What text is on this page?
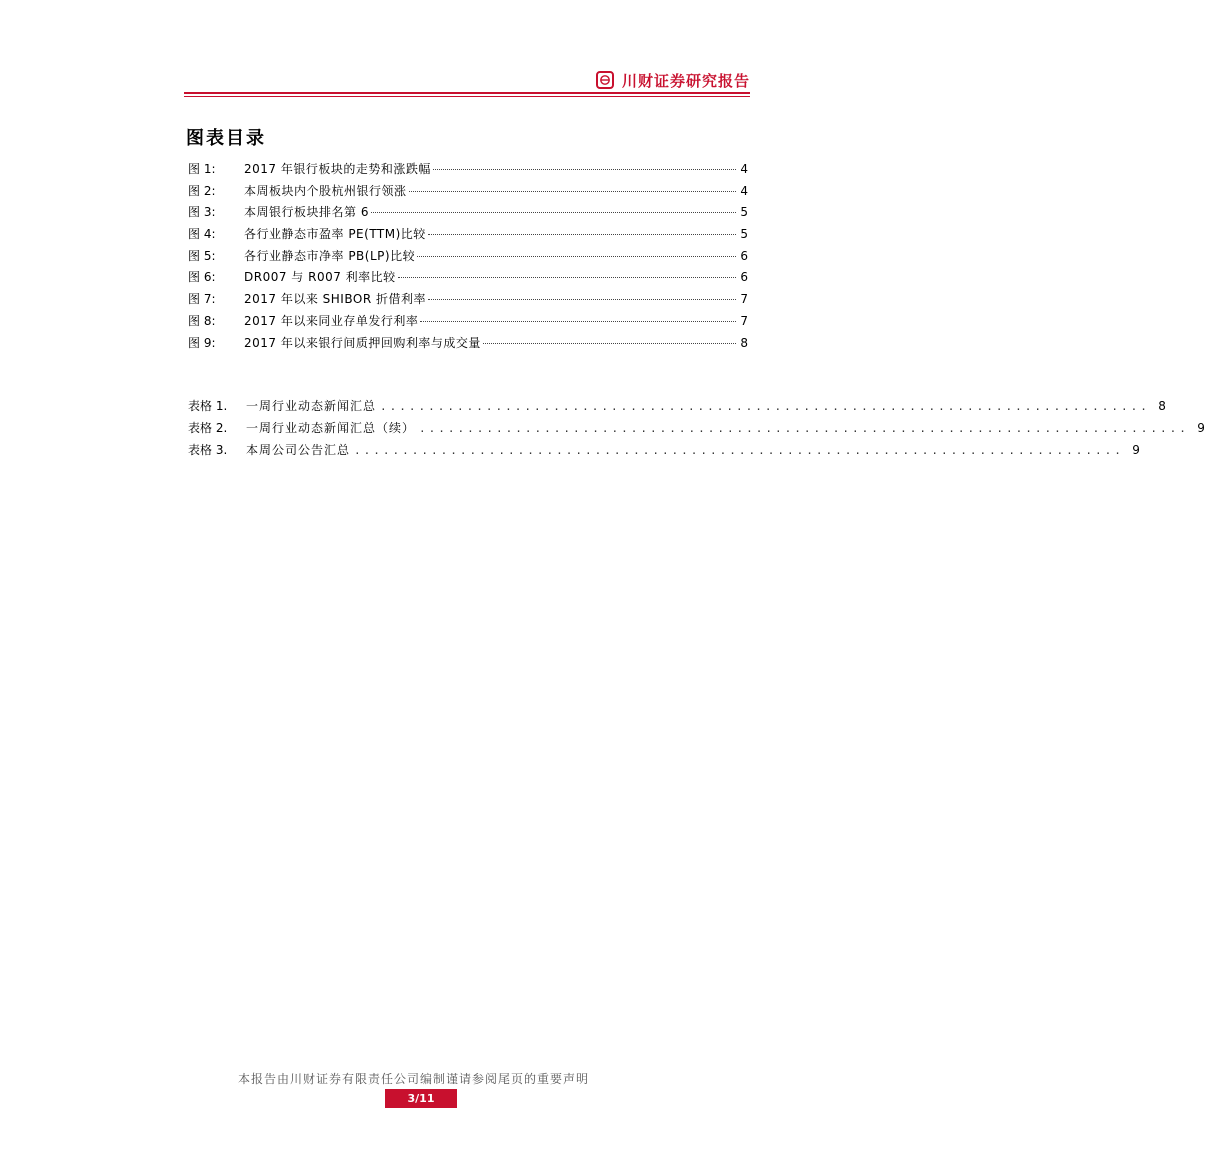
川财证券研究报告
图表目录
图 1:	2017 年银行板块的走势和涨跌幅	4
图 2:	本周板块内个股杭州银行领涨	4
图 3:	本周银行板块排名第 6	5
图 4:	各行业静态市盈率 PE(TTM)比较	5
图 5:	各行业静态市净率 PB(LP)比较	6
图 6:	DR007 与 R007 利率比较	6
图 7:	2017 年以来 SHIBOR 折借利率	7
图 8:	2017 年以来同业存单发行利率	7
图 9:	2017 年以来银行间质押回购利率与成交量	8
表格 1.	一周行业动态新闻汇总 ................................................................................ 8
表格 2.	一周行业动态新闻汇总（续） ................................................................................ 9
表格 3.	本周公司公告汇总 ................................................................................ 9
本报告由川财证券有限责任公司编制谨请参阅尾页的重要声明
3/11
